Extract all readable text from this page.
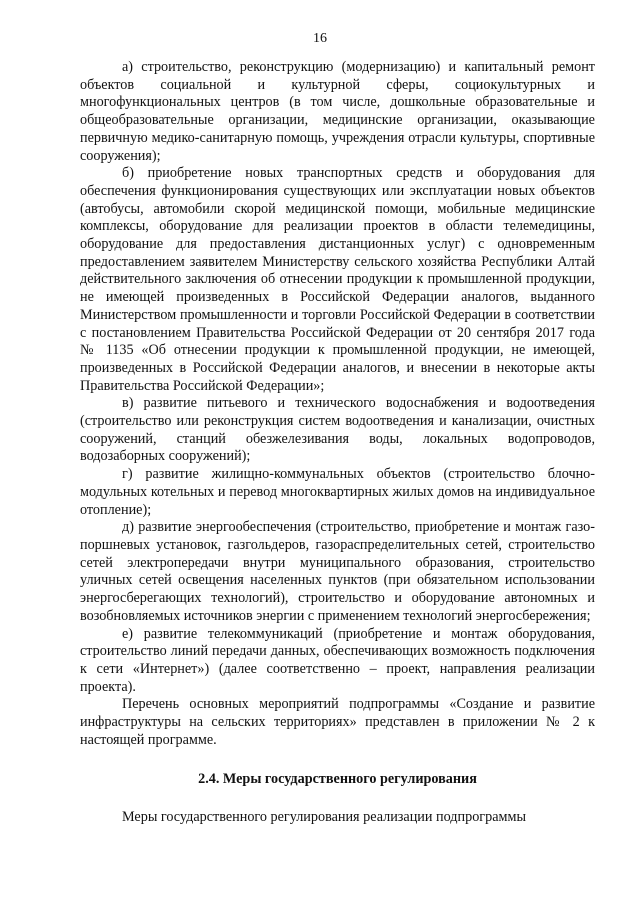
16

а) строительство, реконструкцию (модернизацию) и капитальный ремонт объектов социальной и культурной сферы, социокультурных и многофункциональных центров (в том числе, дошкольные образовательные и общеобразовательные организации, медицинские организации, оказывающие первичную медико-санитарную помощь, учреждения отрасли культуры, спортивные сооружения);

б) приобретение новых транспортных средств и оборудования для обеспечения функционирования существующих или эксплуатации новых объектов (автобусы, автомобили скорой медицинской помощи, мобильные медицинские комплексы, оборудование для реализации проектов в области телемедицины, оборудование для предоставления дистанционных услуг) с одновременным предоставлением заявителем Министерству сельского хозяйства Республики Алтай действительного заключения об отнесении продукции к промышленной продукции, не имеющей произведенных в Российской Федерации аналогов, выданного Министерством промышленности и торговли Российской Федерации в соответствии с постановлением Правительства Российской Федерации от 20 сентября 2017 года № 1135 «Об отнесении продукции к промышленной продукции, не имеющей, произведенных в Российской Федерации аналогов, и внесении в некоторые акты Правительства Российской Федерации»;

в) развитие питьевого и технического водоснабжения и водоотведения (строительство или реконструкция систем водоотведения и канализации, очистных сооружений, станций обезжелезивания воды, локальных водопроводов, водозаборных сооружений);

г) развитие жилищно-коммунальных объектов (строительство блочно-модульных котельных и перевод многоквартирных жилых домов на индивидуальное отопление);

д) развитие энергообеспечения (строительство, приобретение и монтаж газо-поршневых установок, газгольдеров, газораспределительных сетей, строительство сетей электропередачи внутри муниципального образования, строительство уличных сетей освещения населенных пунктов (при обязательном использовании энергосберегающих технологий), строительство и оборудование автономных и возобновляемых источников энергии с применением технологий энергосбережения;

е) развитие телекоммуникаций (приобретение и монтаж оборудования, строительство линий передачи данных, обеспечивающих возможность подключения к сети «Интернет») (далее соответственно – проект, направления реализации проекта).

Перечень основных мероприятий подпрограммы «Создание и развитие инфраструктуры на сельских территориях» представлен в приложении № 2 к настоящей программе.

2.4. Меры государственного регулирования

Меры государственного регулирования реализации подпрограммы
